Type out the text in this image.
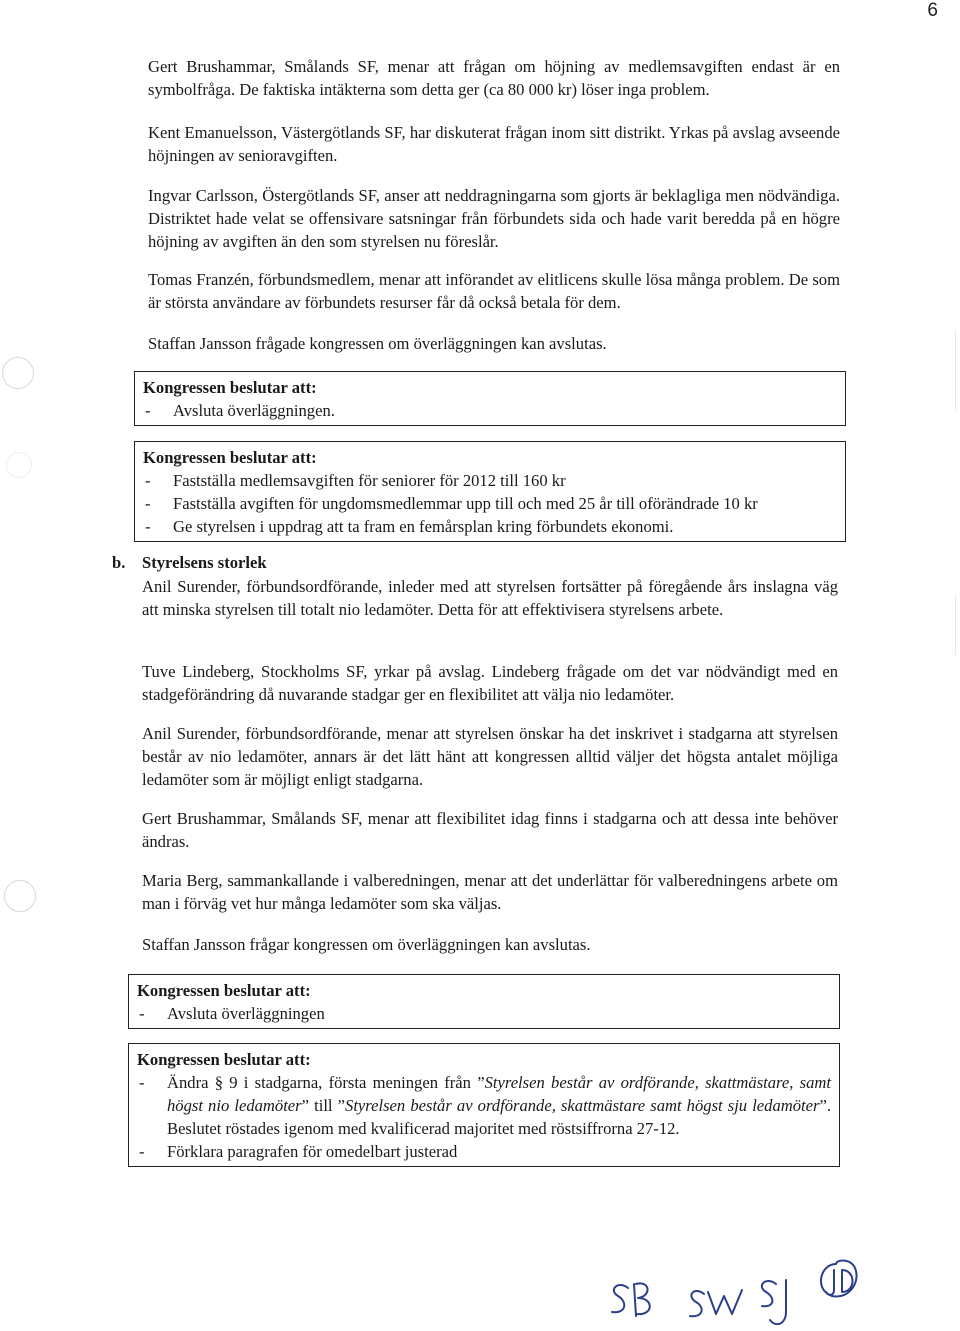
6

Gert Brushammar, Smålands SF, menar att frågan om höjning av medlemsavgiften endast är en symbolfråga. De faktiska intäkterna som detta ger (ca 80 000 kr) löser inga problem.

Kent Emanuelsson, Västergötlands SF, har diskuterat frågan inom sitt distrikt. Yrkas på avslag avseende höjningen av senioravgiften.

Ingvar Carlsson, Östergötlands SF, anser att neddragningarna som gjorts är beklagliga men nödvändiga. Distriktet hade velat se offensivare satsningar från förbundets sida och hade varit beredda på en högre höjning av avgiften än den som styrelsen nu föreslår.

Tomas Franzén, förbundsmedlem, menar att införandet av elitlicens skulle lösa många problem. De som är största användare av förbundets resurser får då också betala för dem.

Staffan Jansson frågade kongressen om överläggningen kan avslutas.

Kongressen beslutar att:

- Avsluta överläggningen.

Kongressen beslutar att:

- Fastställa medlemsavgiften för seniorer för 2012 till 160 kr
- Fastställa avgiften för ungdomsmedlemmar upp till och med 25 år till oförändrade 10 kr
- Ge styrelsen i uppdrag att ta fram en femårsplan kring förbundets ekonomi.

b. Styrelsens storlek

Anil Surender, förbundsordförande, inleder med att styrelsen fortsätter på föregående års inslagna väg att minska styrelsen till totalt nio ledamöter. Detta för att effektivisera styrelsens arbete.

Tuve Lindeberg, Stockholms SF, yrkar på avslag. Lindeberg frågade om det var nödvändigt med en stadgeförändring då nuvarande stadgar ger en flexibilitet att välja nio ledamöter.

Anil Surender, förbundsordförande, menar att styrelsen önskar ha det inskrivet i stadgarna att styrelsen består av nio ledamöter, annars är det lätt hänt att kongressen alltid väljer det högsta antalet möjliga ledamöter som är möjligt enligt stadgarna.

Gert Brushammar, Smålands SF, menar att flexibilitet idag finns i stadgarna och att dessa inte behöver ändras.

Maria Berg, sammankallande i valberedningen, menar att det underlättar för valberedningens arbete om man i förväg vet hur många ledamöter som ska väljas.

Staffan Jansson frågar kongressen om överläggningen kan avslutas.

Kongressen beslutar att:

- Avsluta överläggningen

Kongressen beslutar att:

- Ändra § 9 i stadgarna, första meningen från ”Styrelsen består av ordförande, skattmästare, samt högst nio ledamöter” till ”Styrelsen består av ordförande, skattmästare samt högst sju ledamöter”. Beslutet röstades igenom med kvalificerad majoritet med röstsiffrorna 27-12.
- Förklara paragrafen för omedelbart justerad
